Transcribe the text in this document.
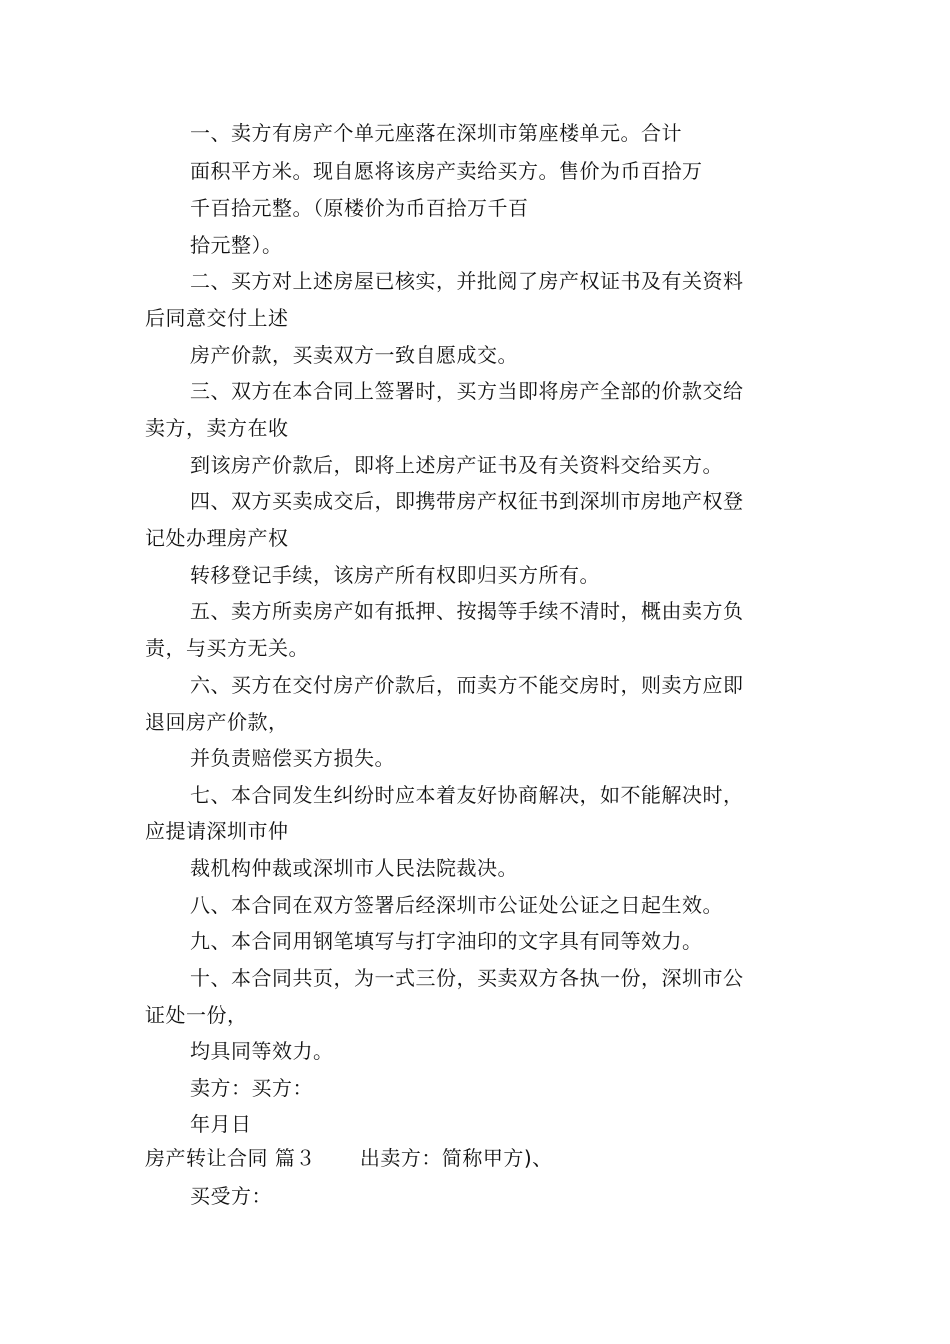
一、卖方有房产个单元座落在深圳市第座楼单元。合计
面积平方米。现自愿将该房产卖给买方。售价为币百拾万
千百拾元整。（原楼价为币百拾万千百
拾元整）。
二、买方对上述房屋已核实，并批阅了房产权证书及有关资料
后同意交付上述
房产价款，买卖双方一致自愿成交。
三、双方在本合同上签署时，买方当即将房产全部的价款交给
卖方，卖方在收
到该房产价款后，即将上述房产证书及有关资料交给买方。
四、双方买卖成交后，即携带房产权征书到深圳市房地产权登
记处办理房产权
转移登记手续，该房产所有权即归买方所有。
五、卖方所卖房产如有抵押、按揭等手续不清时，概由卖方负
责，与买方无关。
六、买方在交付房产价款后，而卖方不能交房时，则卖方应即
退回房产价款，
并负责赔偿买方损失。
七、本合同发生纠纷时应本着友好协商解决，如不能解决时，
应提请深圳市仲
裁机构仲裁或深圳市人民法院裁决。
八、本合同在双方签署后经深圳市公证处公证之日起生效。
九、本合同用钢笔填写与打字油印的文字具有同等效力。
十、本合同共页，为一式三份，买卖双方各执一份，深圳市公
证处一份，
均具同等效力。
卖方：买方：
年月日
房产转让合同 篇３ 出卖方：简称甲方)、
买受方：
